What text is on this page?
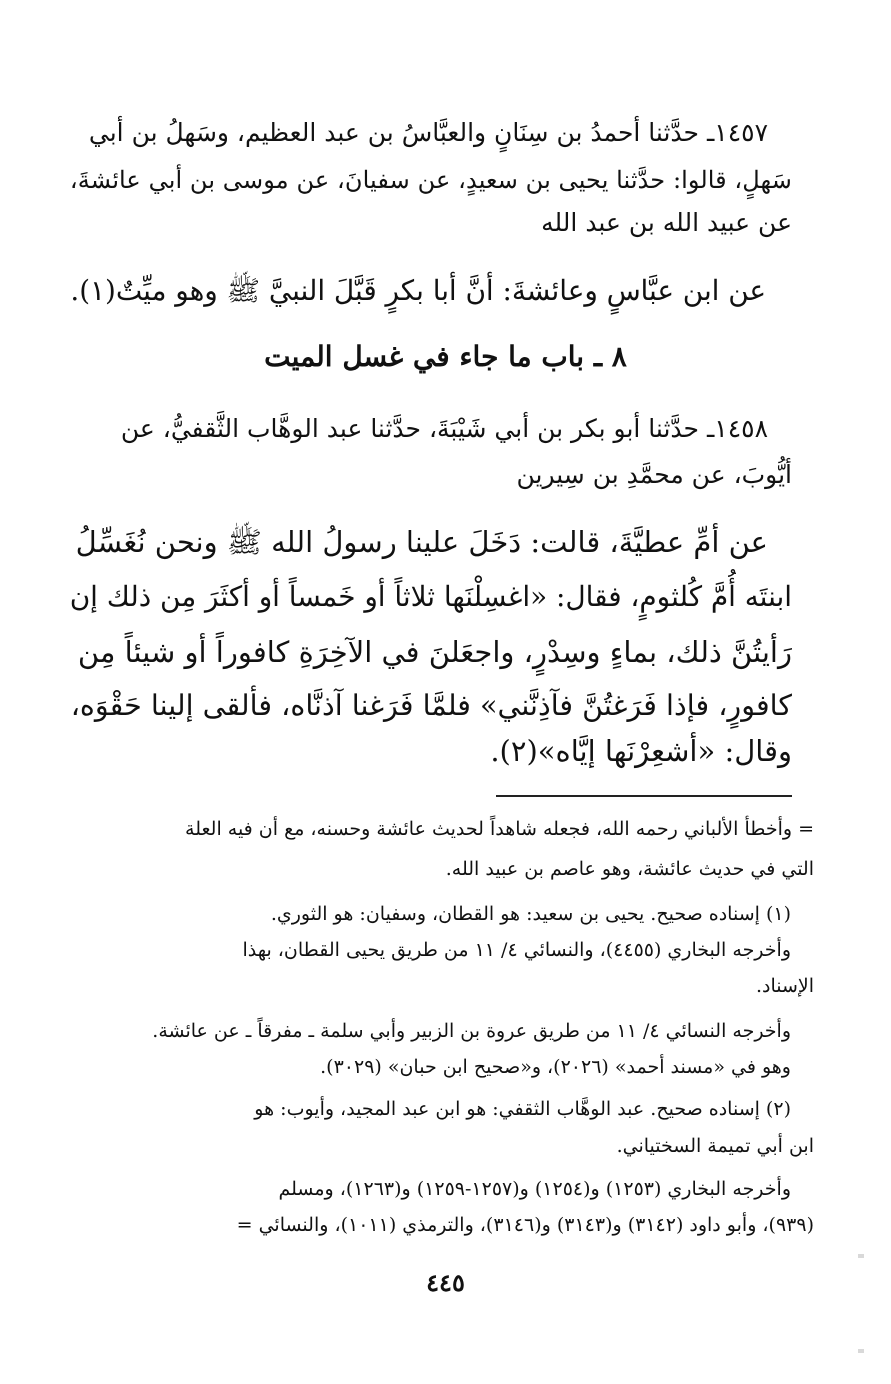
١٤٥٧ـ حدَّثنا أحمدُ بن سِنَانٍ والعبَّاسُ بن عبد العظيم، وسَهلُ بن أبي
سَهلٍ، قالوا: حدَّثنا يحيى بن سعيدٍ، عن سفيانَ، عن موسى بن أبي عائشةَ،
عن عبيد الله بن عبد الله
عن ابن عبَّاسٍ وعائشةَ: أنَّ أبا بكرٍ قَبَّلَ النبيَّ ﷺ وهو ميِّتٌ(١).
٨ ـ باب ما جاء في غسل الميت
١٤٥٨ـ حدَّثنا أبو بكر بن أبي شَيْبَةَ، حدَّثنا عبد الوهَّاب الثَّقفيُّ، عن
أيُّوبَ، عن محمَّدِ بن سِيرين
عن أمِّ عطيَّةَ، قالت: دَخَلَ علينا رسولُ الله ﷺ ونحن نُغَسِّلُ
ابنتَه أُمَّ كُلثومٍ، فقال: «اغسِلْنَها ثلاثاً أو خَمساً أو أكثَرَ مِن ذلك إن
رَأيتُنَّ ذلك، بماءٍ وسِدْرٍ، واجعَلنَ في الآخِرَةِ كافوراً أو شيئاً مِن
كافورٍ، فإذا فَرَغتُنَّ فآذِنَّني» فلمَّا فَرَغنا آذنَّاه، فألقى إلينا حَقْوَه،
وقال: «أشعِرْنَها إيَّاه»(٢).
= وأخطأ الألباني رحمه الله، فجعله شاهداً لحديث عائشة وحسنه، مع أن فيه العلة
التي في حديث عائشة، وهو عاصم بن عبيد الله.
(١) إسناده صحيح. يحيى بن سعيد: هو القطان، وسفيان: هو الثوري.
وأخرجه البخاري (٤٤٥٥)، والنسائي ٤/ ١١ من طريق يحيى القطان، بهذا
الإسناد.
وأخرجه النسائي ٤/ ١١ من طريق عروة بن الزبير وأبي سلمة ـ مفرقاً ـ عن عائشة.
وهو في «مسند أحمد» (٢٠٢٦)، و«صحيح ابن حبان» (٣٠٢٩).
(٢) إسناده صحيح. عبد الوهَّاب الثقفي: هو ابن عبد المجيد، وأيوب: هو
ابن أبي تميمة السختياني.
وأخرجه البخاري (١٢٥٣) و(١٢٥٤) و(١٢٥٧-١٢٥٩) و(١٢٦٣)، ومسلم
(٩٣٩)، وأبو داود (٣١٤٢) و(٣١٤٣) و(٣١٤٦)، والترمذي (١٠١١)، والنسائي =
٤٤٥
